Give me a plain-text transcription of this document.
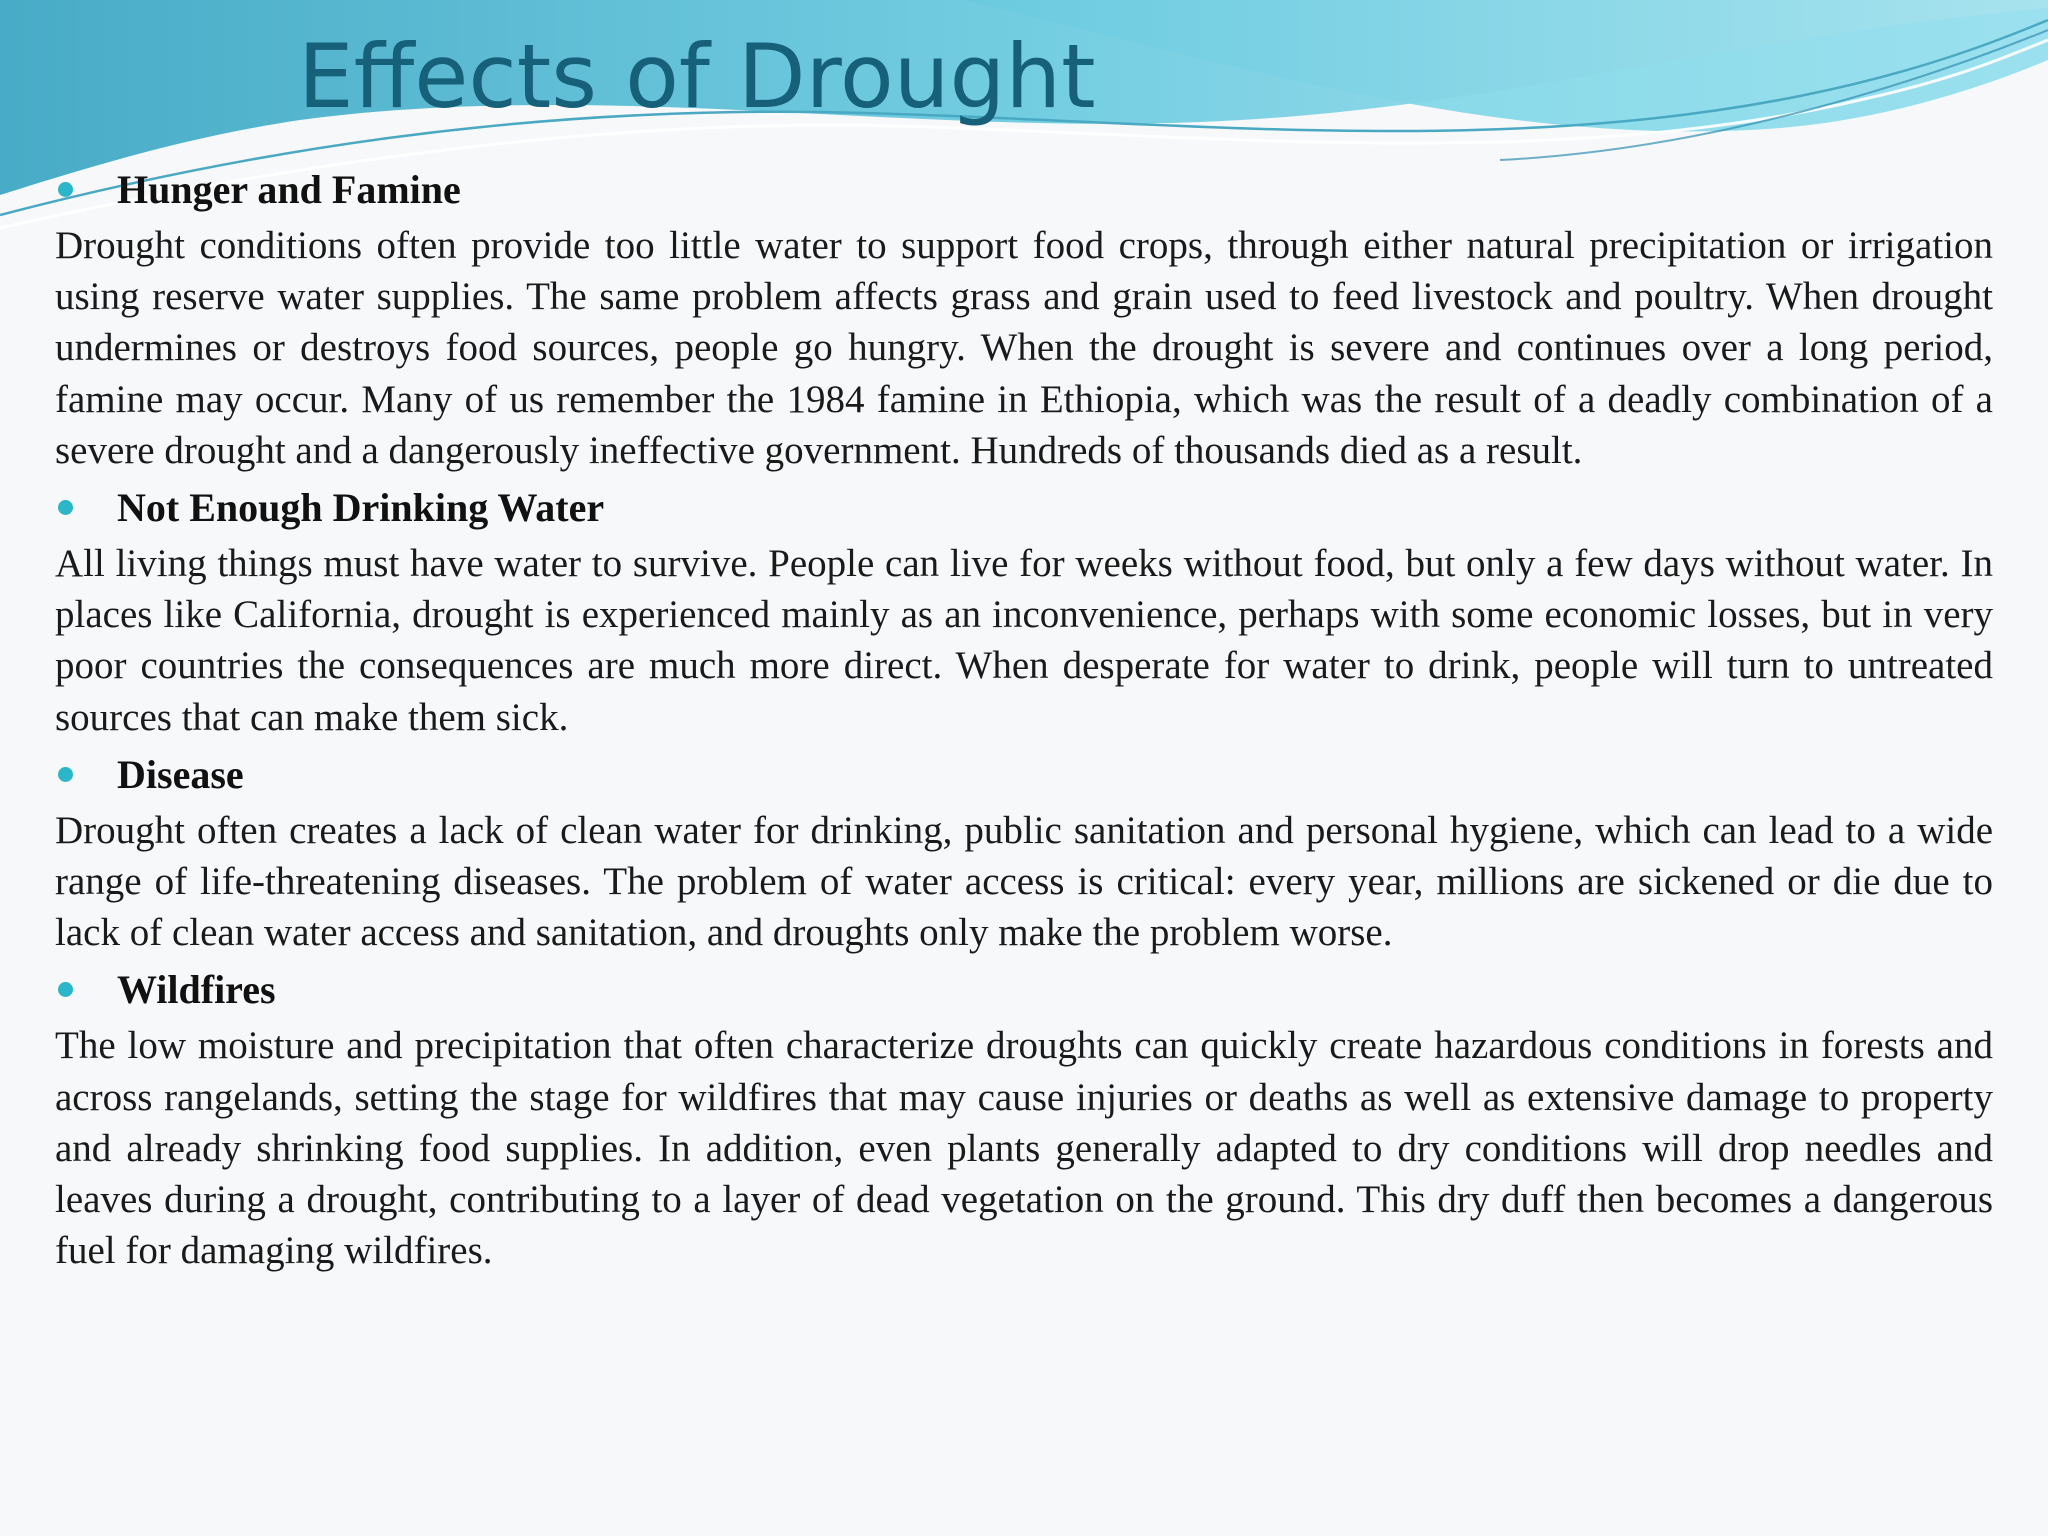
Effects of Drought
Hunger and Famine

Drought conditions often provide too little water to support food crops, through either natural precipitation or irrigation using reserve water supplies. The same problem affects grass and grain used to feed livestock and poultry. When drought undermines or destroys food sources, people go hungry. When the drought is severe and continues over a long period, famine may occur. Many of us remember the 1984 famine in Ethiopia, which was the result of a deadly combination of a severe drought and a dangerously ineffective government. Hundreds of thousands died as a result.

Not Enough Drinking Water

All living things must have water to survive. People can live for weeks without food, but only a few days without water. In places like California, drought is experienced mainly as an inconvenience, perhaps with some economic losses, but in very poor countries the consequences are much more direct. When desperate for water to drink, people will turn to untreated sources that can make them sick.

Disease

Drought often creates a lack of clean water for drinking, public sanitation and personal hygiene, which can lead to a wide range of life-threatening diseases. The problem of water access is critical: every year, millions are sickened or die due to lack of clean water access and sanitation, and droughts only make the problem worse.

Wildfires

The low moisture and precipitation that often characterize droughts can quickly create hazardous conditions in forests and across rangelands, setting the stage for wildfires that may cause injuries or deaths as well as extensive damage to property and already shrinking food supplies. In addition, even plants generally adapted to dry conditions will drop needles and leaves during a drought, contributing to a layer of dead vegetation on the ground. This dry duff then becomes a dangerous fuel for damaging wildfires.
